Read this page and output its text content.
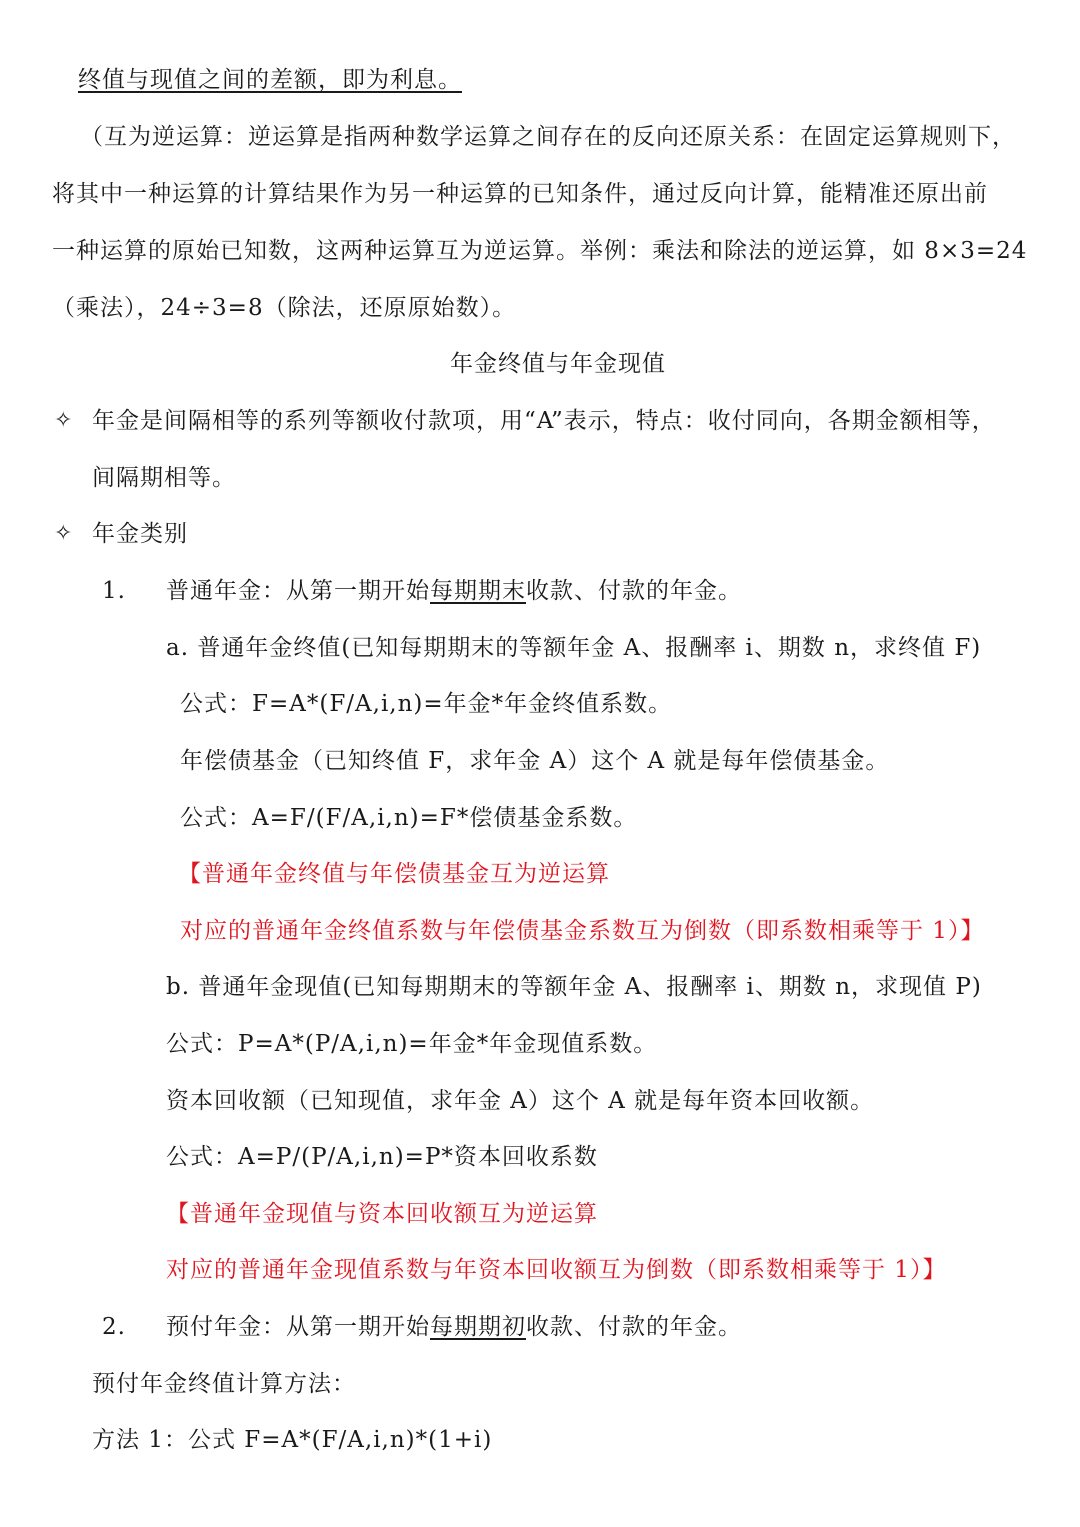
终值与现值之间的差额，即为利息。
（互为逆运算：逆运算是指两种数学运算之间存在的反向还原关系：在固定运算规则下，
将其中一种运算的计算结果作为另一种运算的已知条件，通过反向计算，能精准还原出前
一种运算的原始已知数，这两种运算互为逆运算。举例：乘法和除法的逆运算，如 8×3=24
（乘法），24÷3=8（除法，还原原始数）。
年金终值与年金现值
✧ 年金是间隔相等的系列等额收付款项，用“A”表示，特点：收付同向，各期金额相等，
间隔期相等。
✧ 年金类别
1. 普通年金：从第一期开始每期期末收款、付款的年金。
a. 普通年金终值(已知每期期末的等额年金 A、报酬率 i、期数 n，求终值 F)
公式：F=A*(F/A,i,n)=年金*年金终值系数。
年偿债基金（已知终值 F，求年金 A）这个 A 就是每年偿债基金。
公式：A=F/(F/A,i,n)=F*偿债基金系数。
【普通年金终值与年偿债基金互为逆运算
对应的普通年金终值系数与年偿债基金系数互为倒数（即系数相乘等于 1）】
b. 普通年金现值(已知每期期末的等额年金 A、报酬率 i、期数 n，求现值 P)
公式：P=A*(P/A,i,n)=年金*年金现值系数。
资本回收额（已知现值，求年金 A）这个 A 就是每年资本回收额。
公式：A=P/(P/A,i,n)=P*资本回收系数
【普通年金现值与资本回收额互为逆运算
对应的普通年金现值系数与年资本回收额互为倒数（即系数相乘等于 1）】
2. 预付年金：从第一期开始每期期初收款、付款的年金。
预付年金终值计算方法：
方法 1：公式 F=A*(F/A,i,n)*(1+i)
